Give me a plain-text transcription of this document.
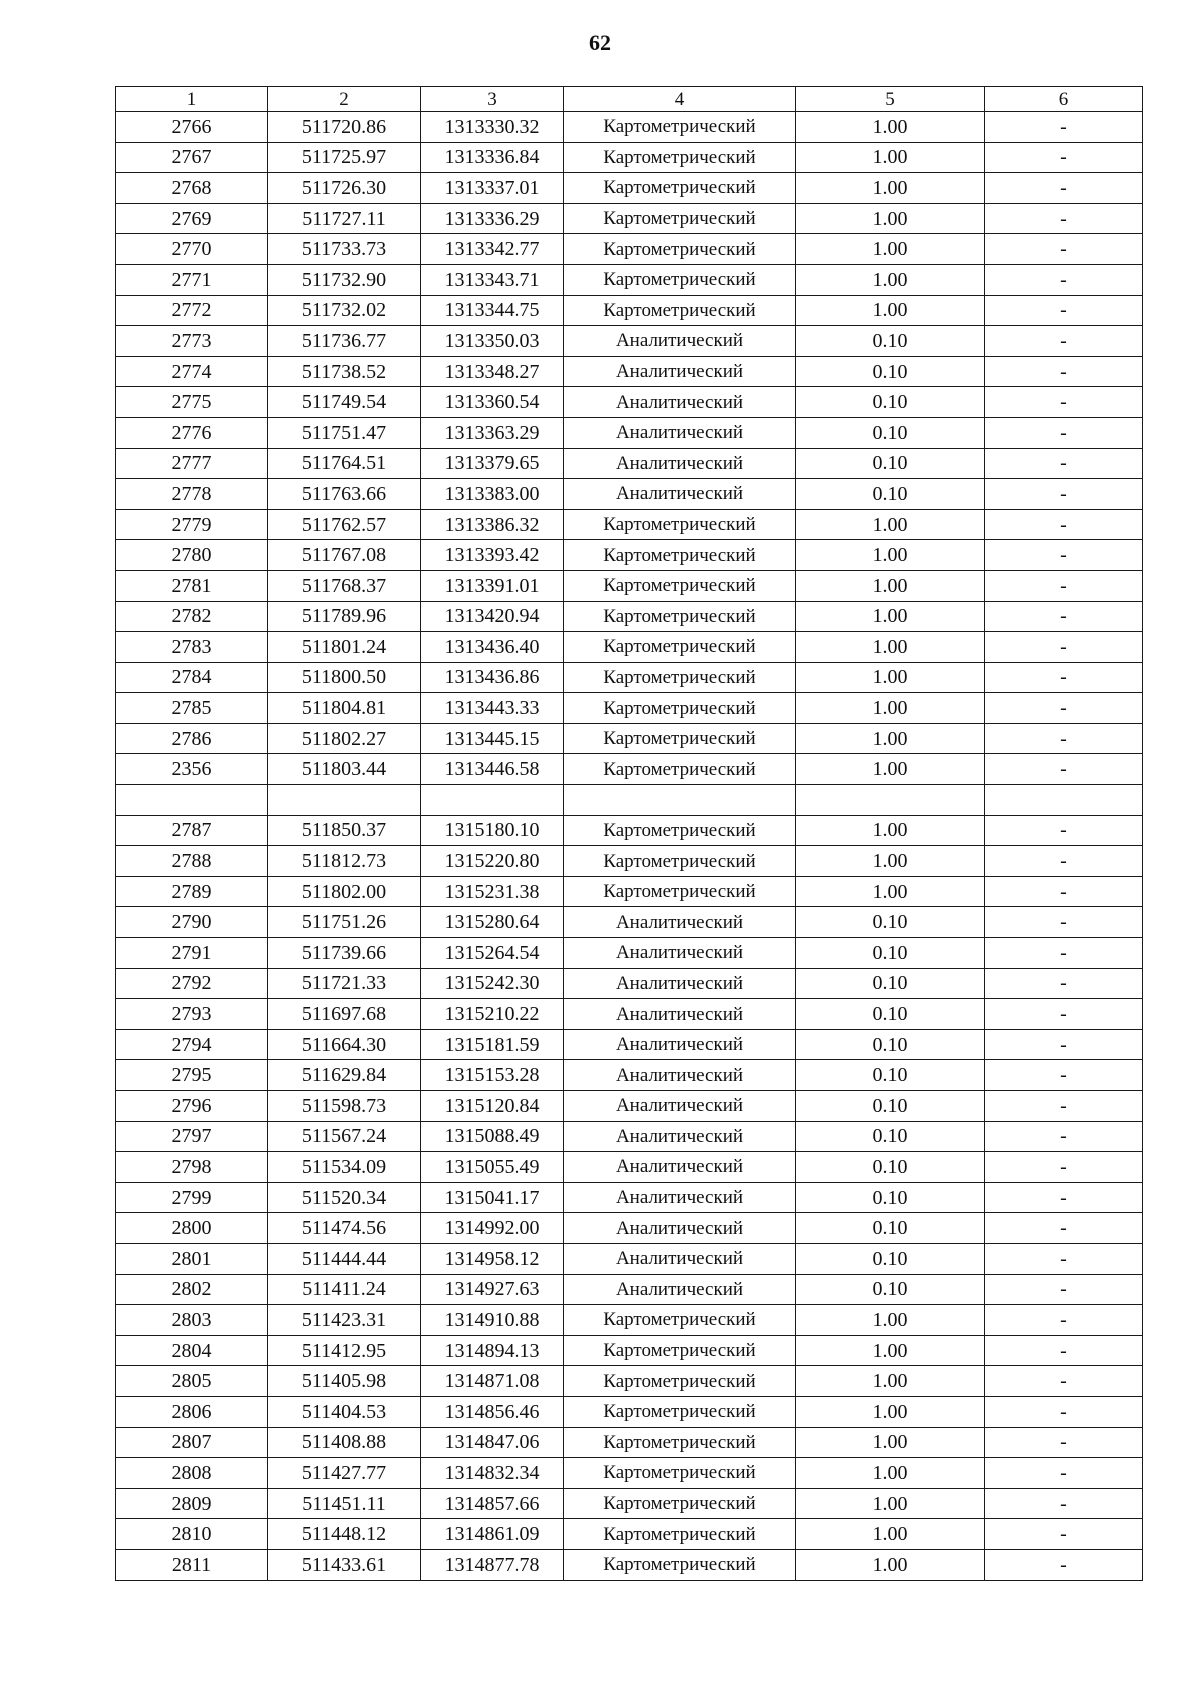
62
1	2	3	4	5	6
2766	511720.86	1313330.32	Картометрический	1.00	-
2767	511725.97	1313336.84	Картометрический	1.00	-
2768	511726.30	1313337.01	Картометрический	1.00	-
2769	511727.11	1313336.29	Картометрический	1.00	-
2770	511733.73	1313342.77	Картометрический	1.00	-
2771	511732.90	1313343.71	Картометрический	1.00	-
2772	511732.02	1313344.75	Картометрический	1.00	-
2773	511736.77	1313350.03	Аналитический	0.10	-
2774	511738.52	1313348.27	Аналитический	0.10	-
2775	511749.54	1313360.54	Аналитический	0.10	-
2776	511751.47	1313363.29	Аналитический	0.10	-
2777	511764.51	1313379.65	Аналитический	0.10	-
2778	511763.66	1313383.00	Аналитический	0.10	-
2779	511762.57	1313386.32	Картометрический	1.00	-
2780	511767.08	1313393.42	Картометрический	1.00	-
2781	511768.37	1313391.01	Картометрический	1.00	-
2782	511789.96	1313420.94	Картометрический	1.00	-
2783	511801.24	1313436.40	Картометрический	1.00	-
2784	511800.50	1313436.86	Картометрический	1.00	-
2785	511804.81	1313443.33	Картометрический	1.00	-
2786	511802.27	1313445.15	Картометрический	1.00	-
2356	511803.44	1313446.58	Картометрический	1.00	-

2787	511850.37	1315180.10	Картометрический	1.00	-
2788	511812.73	1315220.80	Картометрический	1.00	-
2789	511802.00	1315231.38	Картометрический	1.00	-
2790	511751.26	1315280.64	Аналитический	0.10	-
2791	511739.66	1315264.54	Аналитический	0.10	-
2792	511721.33	1315242.30	Аналитический	0.10	-
2793	511697.68	1315210.22	Аналитический	0.10	-
2794	511664.30	1315181.59	Аналитический	0.10	-
2795	511629.84	1315153.28	Аналитический	0.10	-
2796	511598.73	1315120.84	Аналитический	0.10	-
2797	511567.24	1315088.49	Аналитический	0.10	-
2798	511534.09	1315055.49	Аналитический	0.10	-
2799	511520.34	1315041.17	Аналитический	0.10	-
2800	511474.56	1314992.00	Аналитический	0.10	-
2801	511444.44	1314958.12	Аналитический	0.10	-
2802	511411.24	1314927.63	Аналитический	0.10	-
2803	511423.31	1314910.88	Картометрический	1.00	-
2804	511412.95	1314894.13	Картометрический	1.00	-
2805	511405.98	1314871.08	Картометрический	1.00	-
2806	511404.53	1314856.46	Картометрический	1.00	-
2807	511408.88	1314847.06	Картометрический	1.00	-
2808	511427.77	1314832.34	Картометрический	1.00	-
2809	511451.11	1314857.66	Картометрический	1.00	-
2810	511448.12	1314861.09	Картометрический	1.00	-
2811	511433.61	1314877.78	Картометрический	1.00	-
